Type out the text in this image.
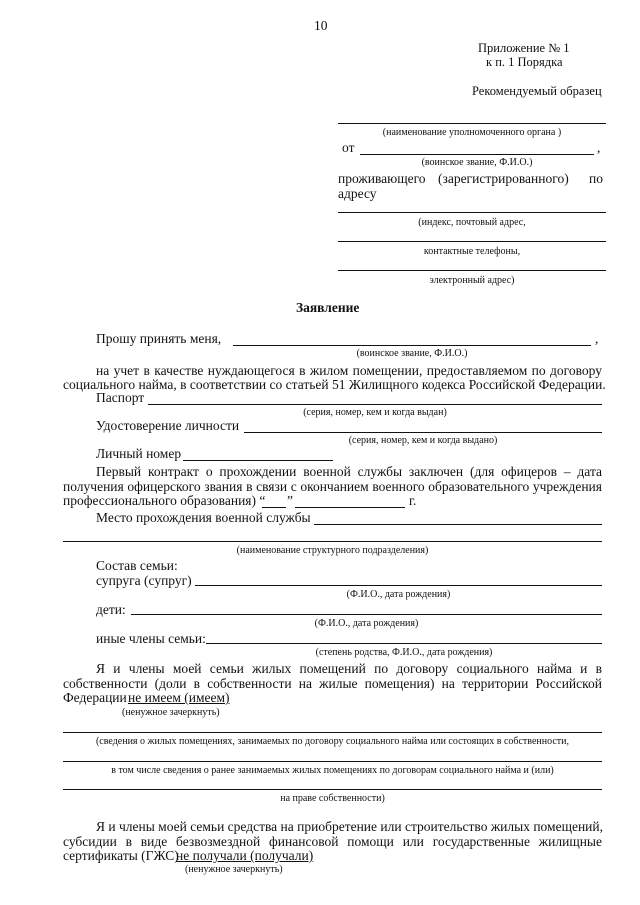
10
Приложение № 1
к п. 1 Порядка
Рекомендуемый образец
(наименование уполномоченного органа )
от	,
(воинское звание, Ф.И.О.)
проживающего (зарегистрированного) по
адресу
(индекс, почтовый адрес,
контактные телефоны,
электронный адрес)
Заявление
Прошу принять меня,	,
(воинское звание, Ф.И.О.)
на учет в качестве нуждающегося в жилом помещении, предоставляемом по договору
социального найма, в соответствии со статьей 51 Жилищного кодекса Российской Федерации.
Паспорт
(серия, номер, кем и когда выдан)
Удостоверение личности
(серия, номер, кем и когда выдано)
Личный номер
Первый контракт о прохождении военной службы заключен (для офицеров – дата
получения офицерского звания в связи с окончанием военного образовательного учреждения
профессионального образования) “ ”	г.
Место прохождения военной службы
(наименование структурного подразделения)
Состав семьи:
супруга (супруг)
(Ф.И.О., дата рождения)
дети:
(Ф.И.О., дата рождения)
иные члены семьи:
(степень родства, Ф.И.О., дата рождения)
Я и члены моей семьи жилых помещений по договору социального найма и в
собственности (доли в собственности на жилые помещения) на территории Российской
Федерации не имеем (имеем)
(ненужное зачеркнуть)
(сведения о жилых помещениях, занимаемых по договору социального найма или состоящих в собственности,
в том числе сведения о ранее занимаемых жилых помещениях по договорам социального найма и (или)
на праве собственности)
Я и члены моей семьи средства на приобретение или строительство жилых помещений,
субсидии в виде безвозмездной финансовой помощи или государственные жилищные
сертификаты (ГЖС)
не получали (получали)
(ненужное зачеркнуть)
